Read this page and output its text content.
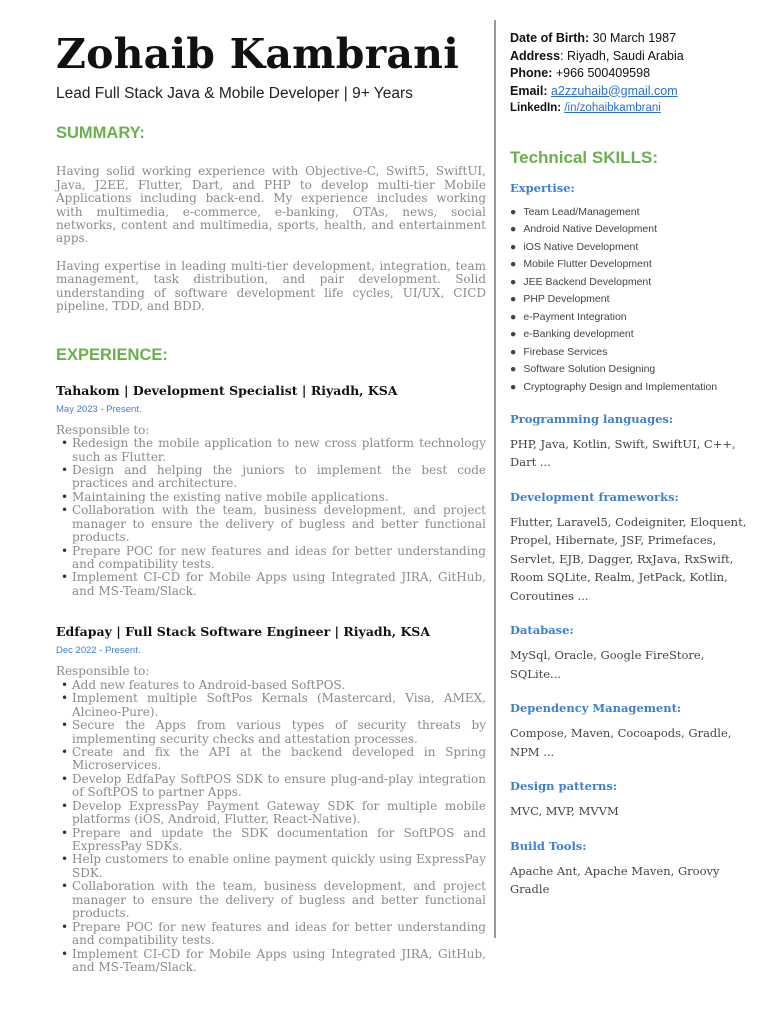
Zohaib Kambrani

Lead Full Stack Java & Mobile Developer | 9+ Years

SUMMARY:

Having solid working experience with Objective-C, Swift5, SwiftUI, Java, J2EE, Flutter, Dart, and PHP to develop multi-tier Mobile Applications including back-end. My experience includes working with multimedia, e-commerce, e-banking, OTAs, news, social networks, content and multimedia, sports, health, and entertainment apps.

Having expertise in leading multi-tier development, integration, team management, task distribution, and pair development. Solid understanding of software development life cycles, UI/UX, CICD pipeline, TDD, and BDD.

EXPERIENCE:

Tahakom | Development Specialist | Riyadh, KSA

May 2023 - Present.

Responsible to:

• Redesign the mobile application to new cross platform technology such as Flutter.
• Design and helping the juniors to implement the best code practices and architecture.
• Maintaining the existing native mobile applications.
• Collaboration with the team, business development, and project manager to ensure the delivery of bugless and better functional products.
• Prepare POC for new features and ideas for better understanding and compatibility tests.
• Implement CI-CD for Mobile Apps using Integrated JIRA, GitHub, and MS-Team/Slack.

Edfapay | Full Stack Software Engineer | Riyadh, KSA

Dec 2022 - Present.

Responsible to:

• Add new features to Android-based SoftPOS.
• Implement multiple SoftPos Kernals (Mastercard, Visa, AMEX, Alcineo-Pure).
• Secure the Apps from various types of security threats by implementing security checks and attestation processes.
• Create and fix the API at the backend developed in Spring Microservices.
• Develop EdfaPay SoftPOS SDK to ensure plug-and-play integration of SoftPOS to partner Apps.
• Develop ExpressPay Payment Gateway SDK for multiple mobile platforms (iOS, Android, Flutter, React-Native).
• Prepare and update the SDK documentation for SoftPOS and ExpressPay SDKs.
• Help customers to enable online payment quickly using ExpressPay SDK.
• Collaboration with the team, business development, and project manager to ensure the delivery of bugless and better functional products.
• Prepare POC for new features and ideas for better understanding and compatibility tests.
• Implement CI-CD for Mobile Apps using Integrated JIRA, GitHub, and MS-Team/Slack.

Date of Birth: 30 March 1987

Address: Riyadh, Saudi Arabia

Phone: +966 500409598

Email: a2zzuhaib@gmail.com

LinkedIn: /in/zohaibkambrani

Technical SKILLS:

Expertise:

● Team Lead/Management
● Android Native Development
● iOS Native Development
● Mobile Flutter Development
● JEE Backend Development
● PHP Development
● e-Payment Integration
● e-Banking development
● Firebase Services
● Software Solution Designing
● Cryptography Design and Implementation

Programming languages:

PHP, Java, Kotlin, Swift, SwiftUI, C++, Dart ...

Development frameworks:

Flutter, Laravel5, Codeigniter, Eloquent, Propel, Hibernate, JSF, Primefaces, Servlet, EJB, Dagger, RxJava, RxSwift, Room SQLite, Realm, JetPack, Kotlin, Coroutines ...

Database:

MySql, Oracle, Google FireStore, SQLite...

Dependency Management:

Compose, Maven, Cocoapods, Gradle, NPM ...

Design patterns:

MVC, MVP, MVVM

Build Tools:

Apache Ant, Apache Maven, Groovy Gradle
